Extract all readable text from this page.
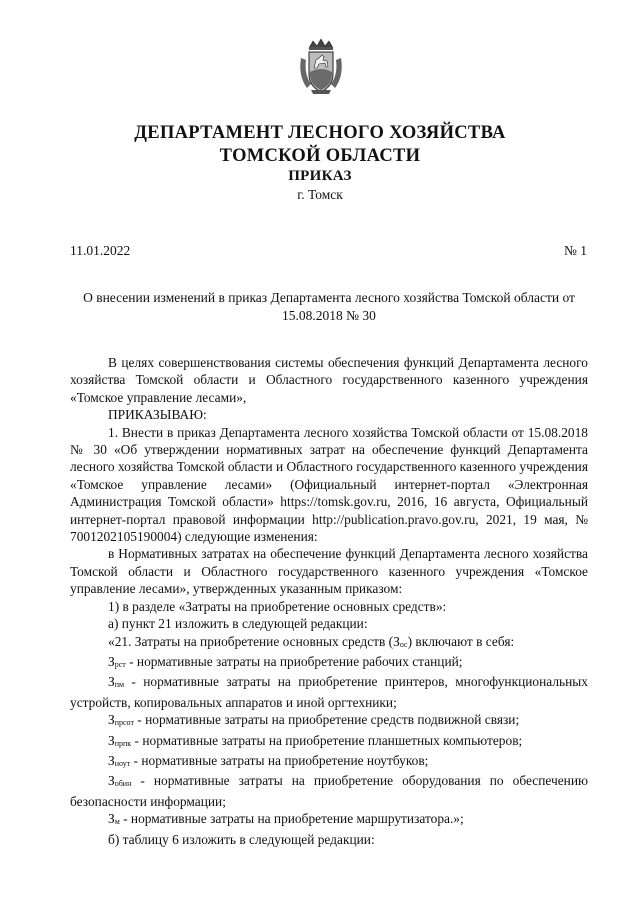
ДЕПАРТАМЕНТ ЛЕСНОГО ХОЗЯЙСТВА
ТОМСКОЙ ОБЛАСТИ
ПРИКАЗ
г. Томск
11.01.2022	№ 1
О внесении изменений в приказ Департамента лесного хозяйства Томской области от
15.08.2018 № 30

В целях совершенствования системы обеспечения функций Департамента лесного хозяйства Томской области и Областного государственного казенного учреждения «Томское управление лесами»,

ПРИКАЗЫВАЮ:

1. Внести в приказ Департамента лесного хозяйства Томской области от 15.08.2018 № 30 «Об утверждении нормативных затрат на обеспечение функций Департамента лесного хозяйства Томской области и Областного государственного казенного учреждения «Томское управление лесами» (Официальный интернет-портал «Электронная Администрация Томской области» https://tomsk.gov.ru, 2016, 16 августа, Официальный интернет-портал правовой информации http://publication.pravo.gov.ru, 2021, 19 мая, № 7001202105190004) следующие изменения:

в Нормативных затратах на обеспечение функций Департамента лесного хозяйства Томской области и Областного государственного казенного учреждения «Томское управление лесами», утвержденных указанным приказом:

1) в разделе «Затраты на приобретение основных средств»:

а) пункт 21 изложить в следующей редакции:

«21. Затраты на приобретение основных средств (Зос) включают в себя:

Зрст - нормативные затраты на приобретение рабочих станций;

Зпм - нормативные затраты на приобретение принтеров, многофункциональных устройств, копировальных аппаратов и иной оргтехники;

Зпрсот - нормативные затраты на приобретение средств подвижной связи;

Зпрпк - нормативные затраты на приобретение планшетных компьютеров;

Зноут - нормативные затраты на приобретение ноутбуков;

Зобин - нормативные затраты на приобретение оборудования по обеспечению безопасности информации;

Зм - нормативные затраты на приобретение маршрутизатора.»;

б) таблицу 6 изложить в следующей редакции:
